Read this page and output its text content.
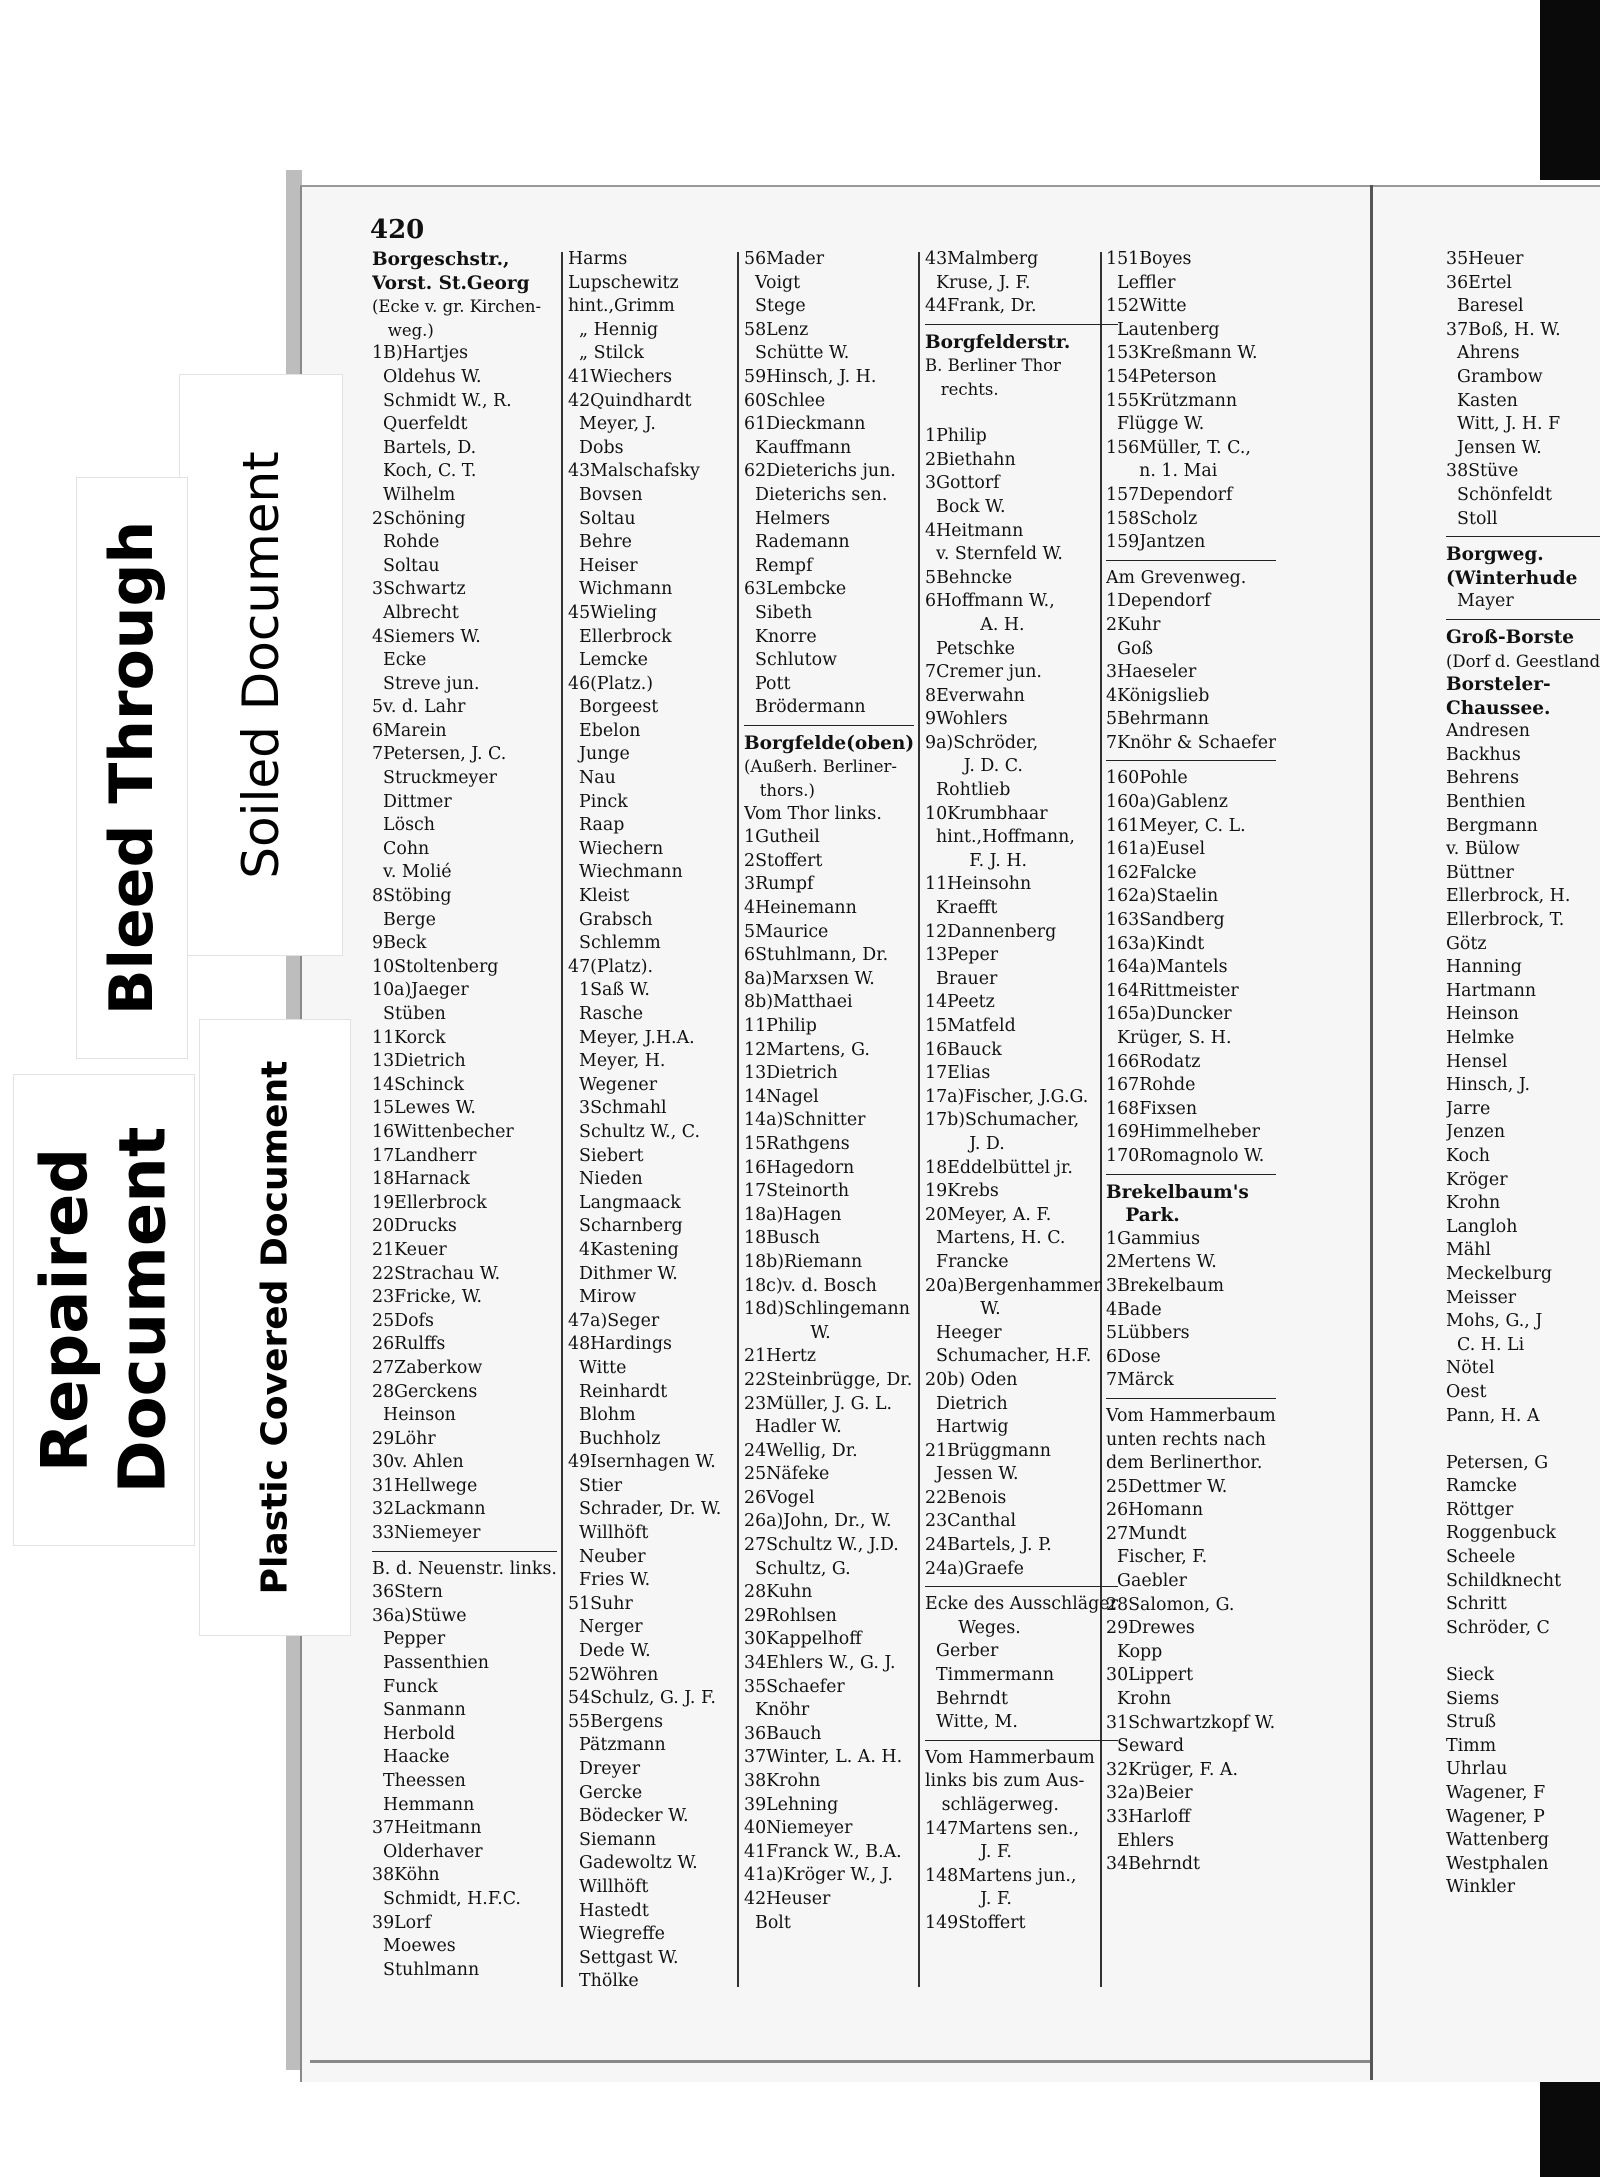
420
Borgeschstr.,
Vorst. St.Georg
(Ecke v. gr. Kirchen-
weg.)
1B)Hartjes
Oldehus W.
Schmidt W., R.
Querfeldt
Bartels, D.
Koch, C. T.
Wilhelm
2Schöning
Rohde
Soltau
3Schwartz
Albrecht
4Siemers W.
Ecke
Streve jun.
5v. d. Lahr
6Marein
7Petersen, J. C.
Struckmeyer
Dittmer
Lösch
Cohn
v. Molié
8Stöbing
Berge
9Beck
10Stoltenberg
10a)Jaeger
Stüben
11Korck
13Dietrich
14Schinck
15Lewes W.
16Wittenbecher
17Landherr
18Harnack
19Ellerbrock
20Drucks
21Keuer
22Strachau W.
23Fricke, W.
25Dofs
26Rulffs
27Zaberkow
28Gerckens
Heinson
29Löhr
30v. Ahlen
31Hellwege
32Lackmann
33Niemeyer
B. d. Neuenstr. links.
36Stern
36a)Stüwe
Pepper
Passenthien
Funck
Sanmann
Herbold
Haacke
Theessen
Hemmann
37Heitmann
Olderhaver
38Köhn
Schmidt, H.F.C.
39Lorf
Moewes
Stuhlmann
Harms
Lupschewitz
hint.,Grimm
„ Hennig
„ Stilck
41Wiechers
42Quindhardt
Meyer, J.
Dobs
43Malschafsky
Bovsen
Soltau
Behre
Heiser
Wichmann
45Wieling
Ellerbrock
Lemcke
46(Platz.)
Borgeest
Ebelon
Junge
Nau
Pinck
Raap
Wiechern
Wiechmann
Kleist
Grabsch
Schlemm
47(Platz).
1Saß W.
Rasche
Meyer, J.H.A.
Meyer, H.
Wegener
3Schmahl
Schultz W., C.
Siebert
Nieden
Langmaack
Scharnberg
4Kastening
Dithmer W.
Mirow
47a)Seger
48Hardings
Witte
Reinhardt
Blohm
Buchholz
49Isernhagen W.
Stier
Schrader, Dr. W.
Willhöft
Neuber
Fries W.
51Suhr
Nerger
Dede W.
52Wöhren
54Schulz, G. J. F.
55Bergens
Pätzmann
Dreyer
Gercke
Bödecker W.
Siemann
Gadewoltz W.
Willhöft
Hastedt
Wiegreffe
Settgast W.
Thölke
56Mader
Voigt
Stege
58Lenz
Schütte W.
59Hinsch, J. H.
60Schlee
61Dieckmann
Kauffmann
62Dieterichs jun.
Dieterichs sen.
Helmers
Rademann
Rempf
63Lembcke
Sibeth
Knorre
Schlutow
Pott
Brödermann
Borgfelde(oben)
(Außerh. Berliner-
thors.)
Vom Thor links.
1Gutheil
2Stoffert
3Rumpf
4Heinemann
5Maurice
6Stuhlmann, Dr.
8a)Marxsen W.
8b)Matthaei
11Philip
12Martens, G.
13Dietrich
14Nagel
14a)Schnitter
15Rathgens
16Hagedorn
17Steinorth
18a)Hagen
18Busch
18b)Riemann
18c)v. d. Bosch
18d)Schlingemann
W.
21Hertz
22Steinbrügge, Dr.
23Müller, J. G. L.
Hadler W.
24Wellig, Dr.
25Näfeke
26Vogel
26a)John, Dr., W.
27Schultz W., J.D.
Schultz, G.
28Kuhn
29Rohlsen
30Kappelhoff
34Ehlers W., G. J.
35Schaefer
Knöhr
36Bauch
37Winter, L. A. H.
38Krohn
39Lehning
40Niemeyer
41Franck W., B.A.
41a)Kröger W., J.
42Heuser
Bolt
43Malmberg
Kruse, J. F.
44Frank, Dr.
Borgfelderstr.
B. Berliner Thor
rechts.
1Philip
2Biethahn
3Gottorf
Bock W.
4Heitmann
v. Sternfeld W.
5Behncke
6Hoffmann W.,
A. H.
Petschke
7Cremer jun.
8Everwahn
9Wohlers
9a)Schröder,
J. D. C.
Rohtlieb
10Krumbhaar
hint.,Hoffmann,
F. J. H.
11Heinsohn
Kraefft
12Dannenberg
13Peper
Brauer
14Peetz
15Matfeld
16Bauck
17Elias
17a)Fischer, J.G.G.
17b)Schumacher,
J. D.
18Eddelbüttel jr.
19Krebs
20Meyer, A. F.
Martens, H. C.
Francke
20a)Bergenhammer
W.
Heeger
Schumacher, H.F.
20b) Oden
Dietrich
Hartwig
21Brüggmann
Jessen W.
22Benois
23Canthal
24Bartels, J. P.
24a)Graefe
Ecke des Ausschläger
Weges.
Gerber
Timmermann
Behrndt
Witte, M.
Vom Hammerbaum
links bis zum Aus-
schlägerweg.
147Martens sen.,
J. F.
148Martens jun.,
J. F.
149Stoffert
151Boyes
Leffler
152Witte
Lautenberg
153Kreßmann W.
154Peterson
155Krützmann
Flügge W.
156Müller, T. C.,
n. 1. Mai
157Dependorf
158Scholz
159Jantzen
Am Grevenweg.
1Dependorf
2Kuhr
Goß
3Haeseler
4Königslieb
5Behrmann
7Knöhr & Schaefer
160Pohle
160a)Gablenz
161Meyer, C. L.
161a)Eusel
162Falcke
162a)Staelin
163Sandberg
163a)Kindt
164a)Mantels
164Rittmeister
165a)Duncker
Krüger, S. H.
166Rodatz
167Rohde
168Fixsen
169Himmelheber
170Romagnolo W.
Brekelbaum's
Park.
1Gammius
2Mertens W.
3Brekelbaum
4Bade
5Lübbers
6Dose
7Märck
Vom Hammerbaum
unten rechts nach
dem Berlinerthor.
25Dettmer W.
26Homann
27Mundt
Fischer, F.
Gaebler
28Salomon, G.
29Drewes
Kopp
30Lippert
Krohn
31Schwartzkopf W.
Seward
32Krüger, F. A.
32a)Beier
33Harloff
Ehlers
34Behrndt
35Heuer
36Ertel
Baresel
37Boß, H. W.
Ahrens
Grambow
Kasten
Witt, J. H. F
Jensen W.
38Stüve
Schönfeldt
Stoll
Borgweg.
(Winterhude
Mayer
Groß-Borste
(Dorf d. Geestland
Borsteler-
Chaussee.
Andresen
Backhus
Behrens
Benthien
Bergmann
v. Bülow
Büttner
Ellerbrock, H.
Ellerbrock, T.
Götz
Hanning
Hartmann
Heinson
Helmke
Hensel
Hinsch, J.
Jarre
Jenzen
Koch
Kröger
Krohn
Langloh
Mähl
Meckelburg
Meisser
Mohs, G., J
C. H. Li
Nötel
Oest
Pann, H. A
Petersen, G
Ramcke
Röttger
Roggenbuck
Scheele
Schildknecht
Schritt
Schröder, C
Sieck
Siems
Struß
Timm
Uhrlau
Wagener, F
Wagener, P
Wattenberg
Westphalen
Winkler
Soiled Document
Bleed Through
Repaired Document Plastic Covered Document
